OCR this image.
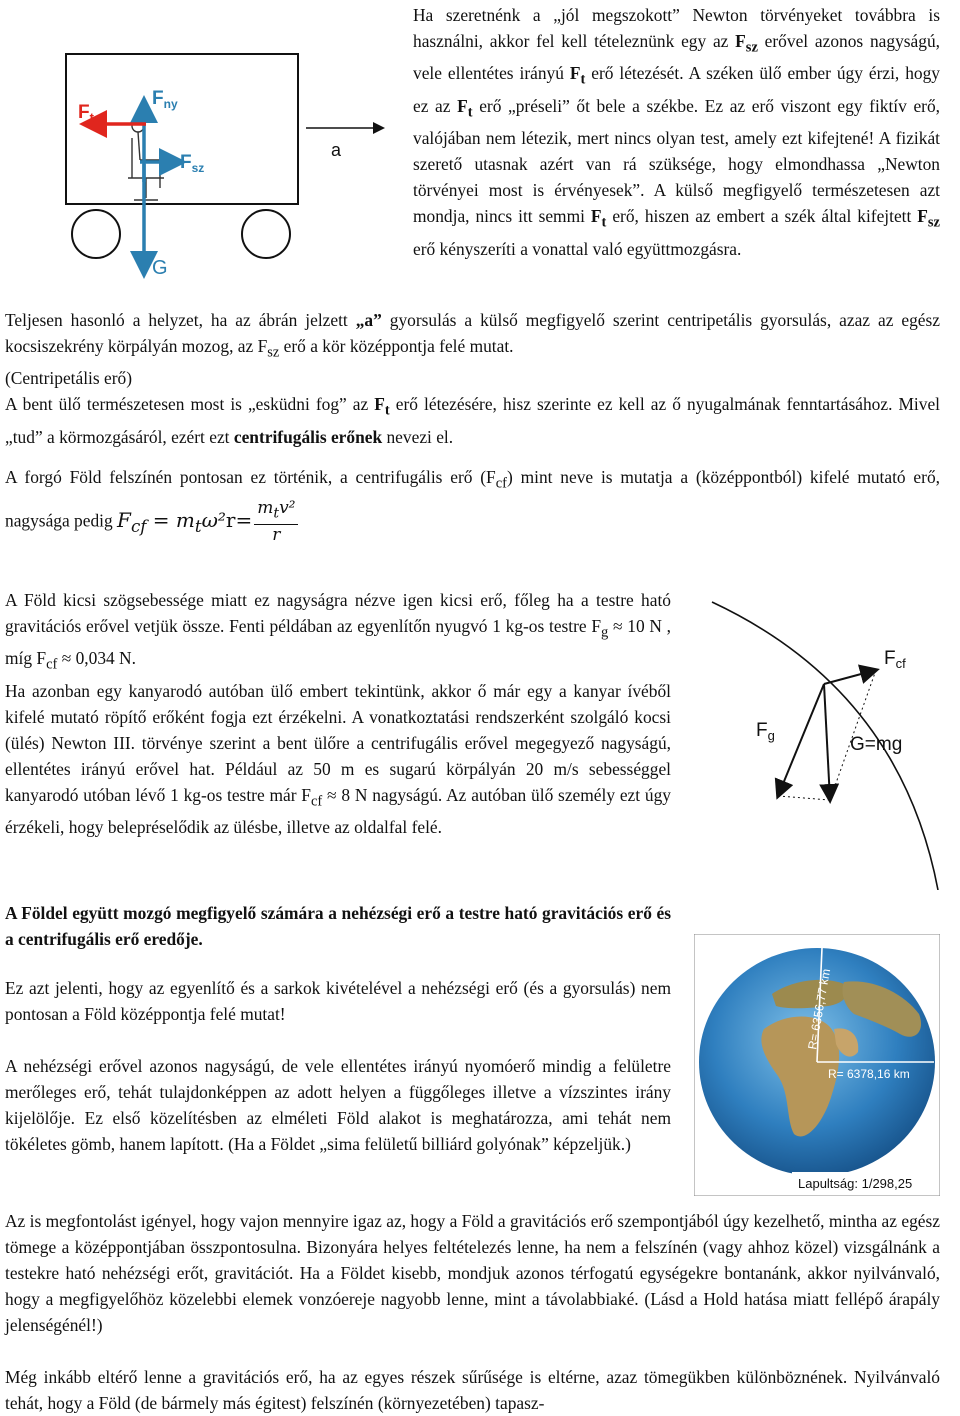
a
$F_t$
$F_{ny}$
$F_{sz}$
G

Ha szeretnénk a „jól megszokott” Newton törvényeket továbbra is használni, akkor fel kell tételeznünk egy az $F_{sz}$ erővel azonos nagyságú, vele ellentétes irányú $F_t$ erő létezését. A széken ülő ember úgy érzi, hogy ez az $F_t$ erő „préseli” őt bele a székbe. Ez az erő viszont egy fiktív erő, valójában nem létezik, mert nincs olyan test, amely ezt kifejtené! A fizikát szerető utasnak azért van rá szüksége, hogy elmondhassa „Newton törvényei most is érvényesek”. A külső megfigyelő természetesen azt mondja, nincs itt semmi $F_t$ erő, hiszen az embert a szék által kifejtett $F_{sz}$ erő kényszeríti a vonattal való együttmozgásra.

Teljesen hasonló a helyzet, ha az ábrán jelzett „a” gyorsulás a külső megfigyelő szerint centripetális gyorsulás, azaz az egész kocsiszekrény körpályán mozog, az $F_{sz}$ erő a kör középpontja felé mutat.

(Centripetális erő)

A bent ülő természetesen most is „esküdni fog” az $F_t$ erő létezésére, hisz szerinte ez kell az ő nyugalmának fenntartásához. Mivel „tud” a körmozgásáról, ezért ezt centrifugális erőnek nevezi el.

A forgó Föld felszínén pontosan ez történik, a centrifugális erő $(F_{cf})$ mint neve is mutatja a (középpontból) kifelé mutató erő, nagysága pedig $F_{cf} = m_t\omega^2r= m_tv^2$
r

$F_{cf}$
$F_g$	G=mg

A Föld kicsi szögsebessége miatt ez nagyságra nézve igen kicsi erő, főleg ha a testre ható gravitációs erővel vetjük össze. Fenti példában az egyenlítőn nyugvó 1 kg-os testre $F_g \approx 10$ N , míg $F_{cf} \approx 0,034$ N.

Ha azonban egy kanyarodó autóban ülő embert tekintünk, akkor ő már egy a kanyar ívéből kifelé mutató röpítő erőként fogja ezt érzékelni. A vonatkoztatási rendszerként szolgáló kocsi (ülés) Newton III. törvénye szerint a bent ülőre a centrifugális erővel megegyező nagyságú, ellentétes irányú erővel hat. Például az 50 m es sugarú körpályán 20 m/s sebességgel kanyarodó utóban lévő 1 kg-os testre már $F_{cf} \approx 8$ N nagyságú. Az autóban ülő személy ezt úgy érzékeli, hogy belepréselődik az ülésbe, illetve az oldalfal felé.

A Földel együtt mozgó megfigyelő számára a nehézségi erő a testre ható gravitációs erő és a centrifugális erő eredője.

Ez azt jelenti, hogy az egyenlítő és a sarkok kivételével a nehézségi erő (és a gyorsulás) nem pontosan a Föld középpontja felé mutat!

A nehézségi erővel azonos nagyságú, de vele ellentétes irányú nyomóerő mindig a felületre merőleges erő, tehát tulajdonképpen az adott helyen a függőleges illetve a vízszintes irány kijelölője. Ez első közelítésben az elméleti Föld alakot is meghatározza, ami tehát nem tökéletes gömb, hanem lapított. (Ha a Földet „sima felületű billiárd golyónak” képzeljük.)

R= 6356,77 km
R= 6378,16 km
Lapultság: 1/298,25

Az is megfontolást igényel, hogy vajon mennyire igaz az, hogy a Föld a gravitációs erő szempontjából úgy kezelhető, mintha az egész tömege a középpontjában összpontosulna. Bizonyára helyes feltételezés lenne, ha nem a felszínén (vagy ahhoz közel) vizsgálnánk a testekre ható nehézségi erőt, gravitációt. Ha a Földet kisebb, mondjuk azonos térfogatú egységekre bontanánk, akkor nyilvánvaló, hogy a megfigyelőhöz közelebbi elemek vonzóereje nagyobb lenne, mint a távolabbiaké. (Lásd a Hold hatása miatt fellépő árapály jelenségénél!)

Még inkább eltérő lenne a gravitációs erő, ha az egyes részek sűrűsége is eltérne, azaz tömegükben különböznének. Nyilvánvaló tehát, hogy a Föld (de bármely más égitest) felszínén (környezetében) tapasz-
